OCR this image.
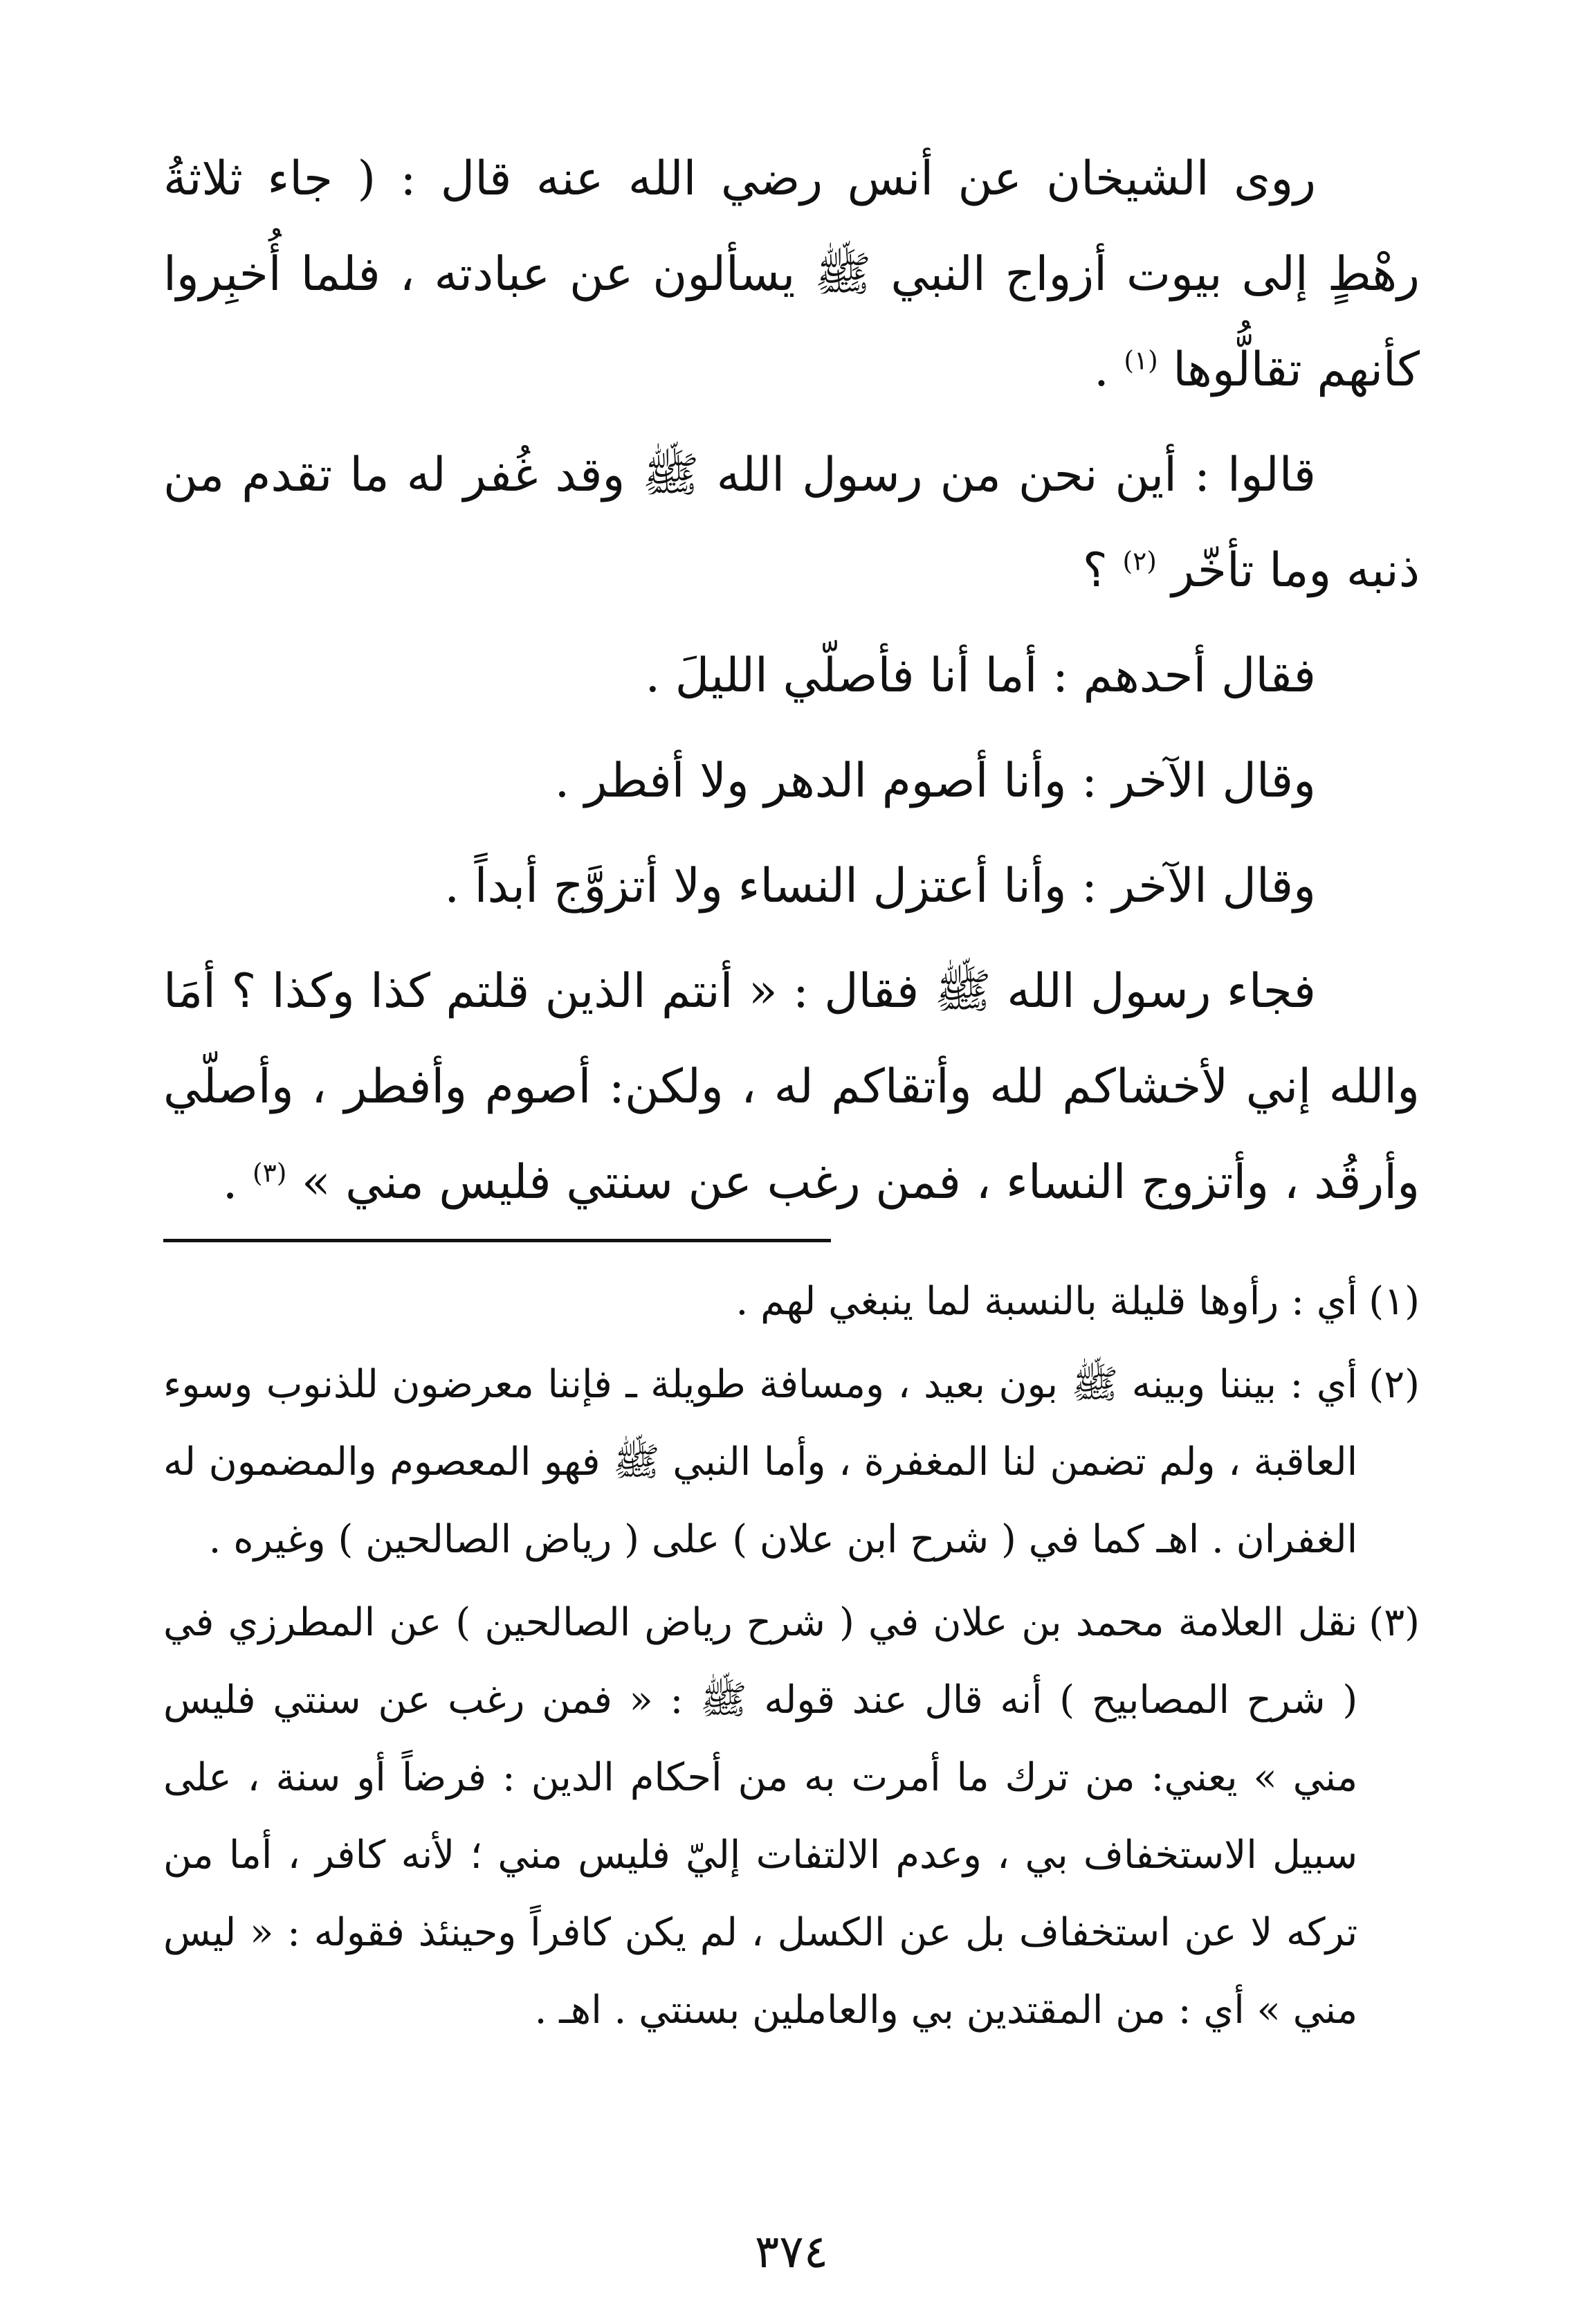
روى الشيخان عن أنس رضي الله عنه قال : ( جاء ثلاثةُ رهْطٍ إلى بيوت أزواج النبي ﷺ يسألون عن عبادته ، فلما أُخبِروا كأنهم تقالُّوها $^{(١)}$ .

قالوا : أين نحن من رسول الله ﷺ وقد غُفر له ما تقدم من ذنبه وما تأخّر $^{(٢)}$ ؟

فقال أحدهم : أما أنا فأصلّي الليلَ .

وقال الآخر : وأنا أصوم الدهر ولا أفطر .

وقال الآخر : وأنا أعتزل النساء ولا أتزوَّج أبداً .

فجاء رسول الله ﷺ فقال : « أنتم الذين قلتم كذا وكذا ؟ أمَا والله إني لأخشاكم لله وأتقاكم له ، ولكن: أصوم وأفطر ، وأصلّي وأرقُد ، وأتزوج النساء ، فمن رغب عن سنتي فليس مني » $^{(٣)}$ .

(١)
أي : رأوها قليلة بالنسبة لما ينبغي لهم .
(٢)
أي : بيننا وبينه ﷺ بون بعيد ، ومسافة طويلة ـ فإننا معرضون للذنوب وسوء العاقبة ، ولم تضمن لنا المغفرة ، وأما النبي ﷺ فهو المعصوم والمضمون له الغفران . اهـ كما في ( شرح ابن علان ) على ( رياض الصالحين ) وغيره .
(٣)
نقل العلامة محمد بن علان في ( شرح رياض الصالحين ) عن المطرزي في ( شرح المصابيح ) أنه قال عند قوله ﷺ : « فمن رغب عن سنتي فليس مني » يعني: من ترك ما أمرت به من أحكام الدين : فرضاً أو سنة ، على سبيل الاستخفاف بي ، وعدم الالتفات إليّ فليس مني ؛ لأنه كافر ، أما من تركه لا عن استخفاف بل عن الكسل ، لم يكن كافراً وحينئذ فقوله : « ليس مني » أي : من المقتدين بي والعاملين بسنتي . اهـ .
٣٧٤
